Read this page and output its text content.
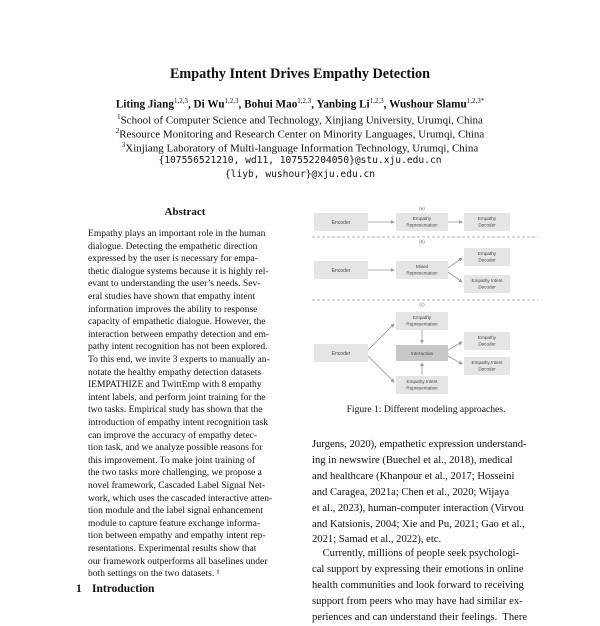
Empathy Intent Drives Empathy Detection
Liting Jiang$^{1,2,3}$, Di Wu$^{1,2,3}$, Bohui Mao$^{1,2,3}$, Yanbing Li$^{1,2,3}$, Wushour Slamu$^{1,2,3*}$
$^1$School of Computer Science and Technology, Xinjiang University, Urumqi, China
$^2$Resource Monitoring and Research Center on Minority Languages, Urumqi, China
$^3$Xinjiang Laboratory of Multi-language Information Technology, Urumqi, China
{107556521210, wd11, 107552204050}@stu.xju.edu.cn
{liyb, wushour}@xju.edu.cn
Abstract
Empathy plays an important role in the human
dialogue. Detecting the empathetic direction
expressed by the user is necessary for empa-
thetic dialogue systems because it is highly rel-
evant to understanding the user’s needs. Sev-
eral studies have shown that empathy intent
information improves the ability to response
capacity of empathetic dialogue. However, the
interaction between empathy detection and em-
pathy intent recognition has not been explored.
To this end, we invite 3 experts to manually an-
notate the healthy empathy detection datasets
IEMPATHIZE and TwittEmp with 8 empathy
intent labels, and perform joint training for the
two tasks. Empirical study has shown that the
introduction of empathy intent recognition task
can improve the accuracy of empathy detec-
tion task, and we analyze possible reasons for
this improvement. To make joint training of
the two tasks more challenging, we propose a
novel framework, Cascaded Label Signal Net-
work, which uses the cascaded interactive atten-
tion module and the label signal enhancement
module to capture feature exchange informa-
tion between empathy and empathy intent rep-
resentations. Experimental results show that
our framework outperforms all baselines under
both settings on the two datasets. ¹
1 Introduction
(a)
Encoder
Empathy
Representation
Empathy
Decoder
(b)
Encoder
Mixed
Representation
Empathy
Decoder
Empathy Intent
Decoder
(c)
Empathy
Representation
Encoder	Interaction
Empathy Intent
Representation
Empathy
Decoder
Empathy Intent
Decoder
Figure 1: Different modeling approaches.
Jurgens, 2020), empathetic expression understand-
ing in newswire (Buechel et al., 2018), medical
and healthcare (Khanpour et al., 2017; Hosseini
and Caragea, 2021a; Chen et al., 2020; Wijaya
et al., 2023), human-computer interaction (Virvou
and Katsionis, 2004; Xie and Pu, 2021; Gao et al.,
2021; Samad et al., 2022), etc.
Currently, millions of people seek psychologi-
cal support by expressing their emotions in online
health communities and look forward to receiving
support from peers who may have had similar ex-
periences and can understand their feelings.  There
